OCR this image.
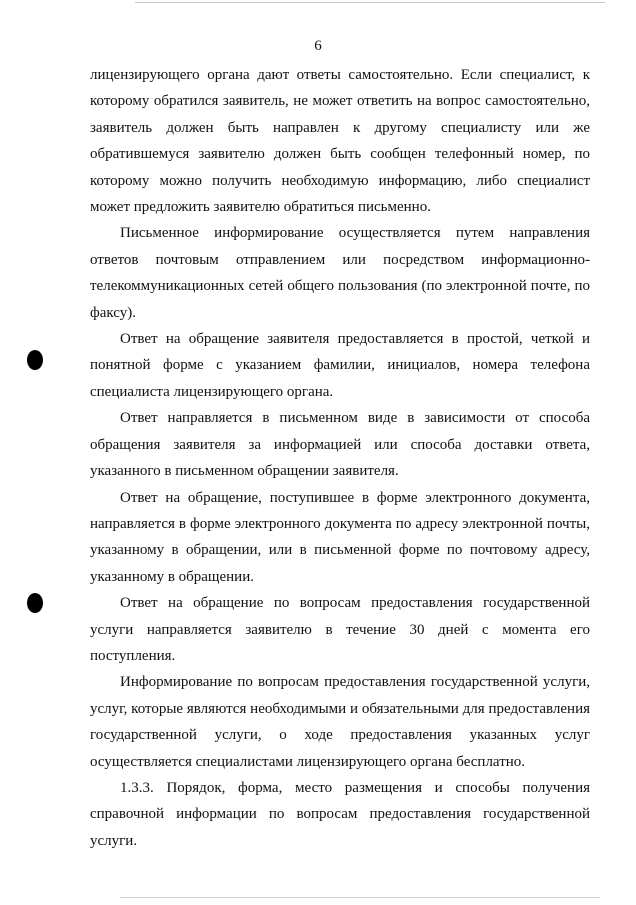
6

лицензирующего органа дают ответы самостоятельно. Если специалист, к которому обратился заявитель, не может ответить на вопрос самостоятельно, заявитель должен быть направлен к другому специалисту или же обратившемуся заявителю должен быть сообщен телефонный номер, по которому можно получить необходимую информацию, либо специалист может предложить заявителю обратиться письменно.

Письменное информирование осуществляется путем направления ответов почтовым отправлением или посредством информационно-телекоммуникационных сетей общего пользования (по электронной почте, по факсу).

Ответ на обращение заявителя предоставляется в простой, четкой и понятной форме с указанием фамилии, инициалов, номера телефона специалиста лицензирующего органа.

Ответ направляется в письменном виде в зависимости от способа обращения заявителя за информацией или способа доставки ответа, указанного в письменном обращении заявителя.

Ответ на обращение, поступившее в форме электронного документа, направляется в форме электронного документа по адресу электронной почты, указанному в обращении, или в письменной форме по почтовому адресу, указанному в обращении.

Ответ на обращение по вопросам предоставления государственной услуги направляется заявителю в течение 30 дней с момента его поступления.

Информирование по вопросам предоставления государственной услуги, услуг, которые являются необходимыми и обязательными для предоставления государственной услуги, о ходе предоставления указанных услуг осуществляется специалистами лицензирующего органа бесплатно.

1.3.3. Порядок, форма, место размещения и способы получения справочной информации по вопросам предоставления государственной услуги.
